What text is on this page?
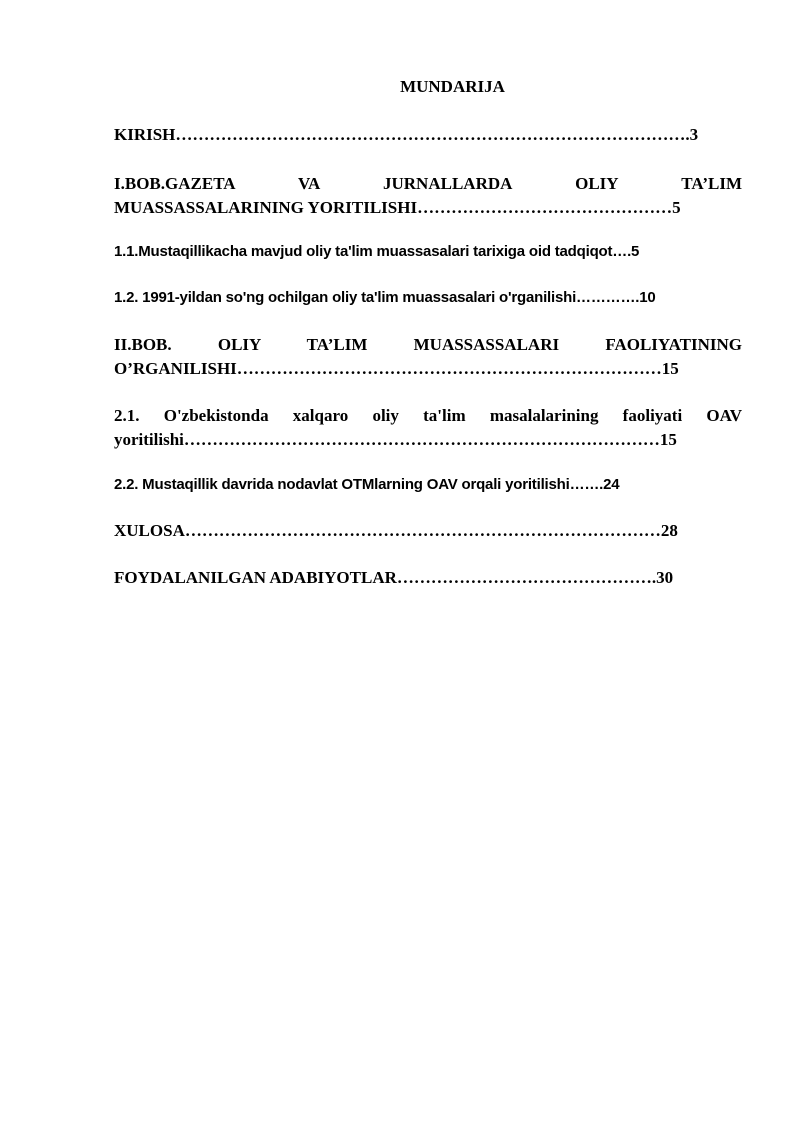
MUNDARIJA
KIRISH……………………………………………………………………………….3
I.BOB.GAZETA VA JURNALLARDA OLIY TA’LIM
MUASSASSALARINING YORITILISHI………………………………………5
1.1.Mustaqillikacha mavjud oliy ta'lim muassasalari tarixiga oid tadqiqot….5
1.2. 1991-yildan so'ng ochilgan oliy ta'lim muassasalari o'rganilishi………….10
II.BOB. OLIY TA’LIM MUASSASSALARI FAOLIYATINING
O’RGANILISHI…………………………………………………………………15
2.1. O'zbekistonda xalqaro oliy ta'lim masalalarining faoliyati OAV
yoritilishi…………………………………………………………………………15
2.2. Mustaqillik davrida nodavlat OTMlarning OAV orqali yoritilishi…….24
XULOSA…………………………………………………………………………28
FOYDALANILGAN ADABIYOTLAR……………………………………….30
